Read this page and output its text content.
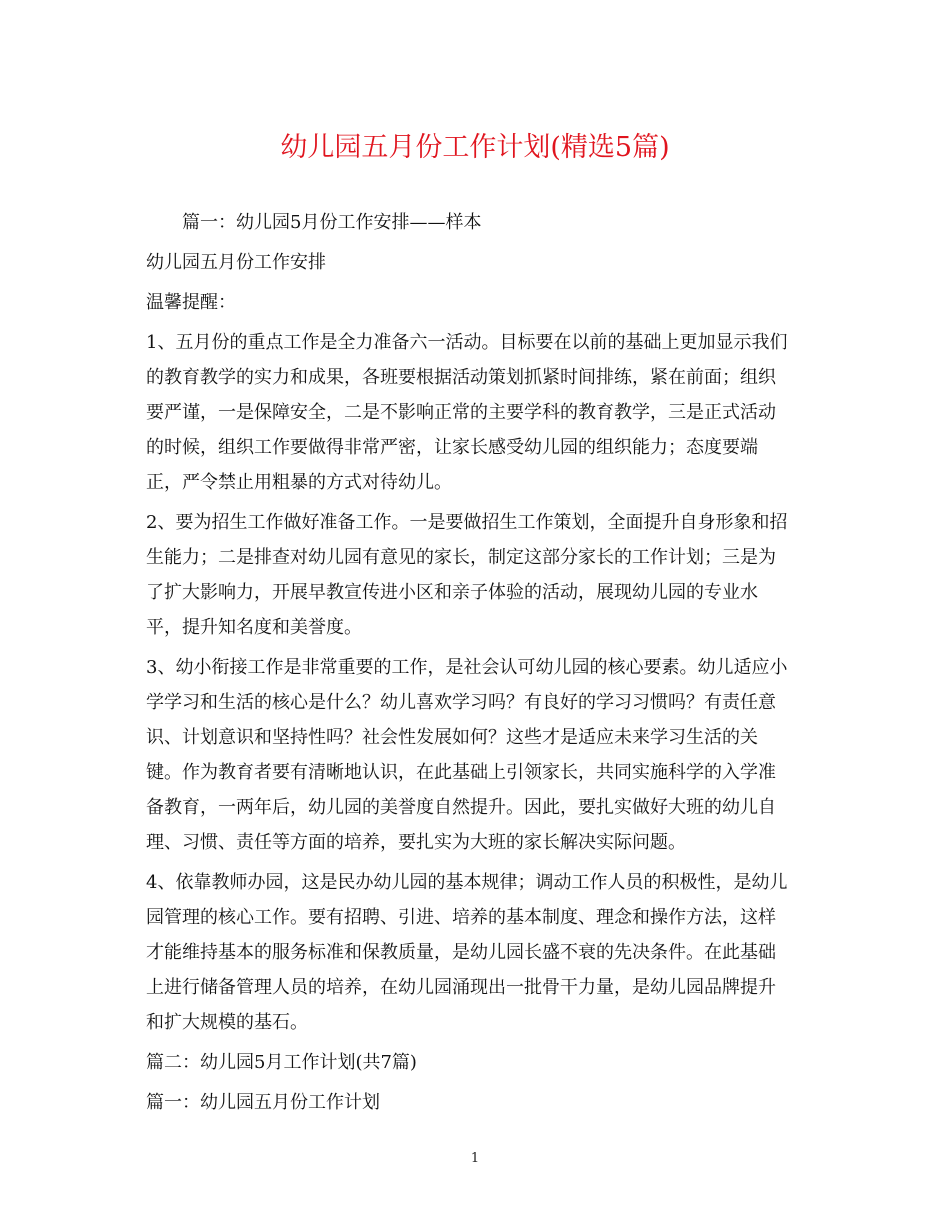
幼儿园五月份工作计划(精选5篇)
篇一：幼儿园5月份工作安排——样本
幼儿园五月份工作安排
温馨提醒：
1、五月份的重点工作是全力准备六一活动。目标要在以前的基础上更加显示我们
的教育教学的实力和成果，各班要根据活动策划抓紧时间排练，紧在前面；组织
要严谨，一是保障安全，二是不影响正常的主要学科的教育教学，三是正式活动
的时候，组织工作要做得非常严密，让家长感受幼儿园的组织能力；态度要端
正，严令禁止用粗暴的方式对待幼儿。
2、要为招生工作做好准备工作。一是要做招生工作策划，全面提升自身形象和招
生能力；二是排查对幼儿园有意见的家长，制定这部分家长的工作计划；三是为
了扩大影响力，开展早教宣传进小区和亲子体验的活动，展现幼儿园的专业水
平，提升知名度和美誉度。
3、幼小衔接工作是非常重要的工作，是社会认可幼儿园的核心要素。幼儿适应小
学学习和生活的核心是什么？幼儿喜欢学习吗？有良好的学习习惯吗？有责任意
识、计划意识和坚持性吗？社会性发展如何？这些才是适应未来学习生活的关
键。作为教育者要有清晰地认识，在此基础上引领家长，共同实施科学的入学准
备教育，一两年后，幼儿园的美誉度自然提升。因此，要扎实做好大班的幼儿自
理、习惯、责任等方面的培养，要扎实为大班的家长解决实际问题。
4、依靠教师办园，这是民办幼儿园的基本规律；调动工作人员的积极性，是幼儿
园管理的核心工作。要有招聘、引进、培养的基本制度、理念和操作方法，这样
才能维持基本的服务标准和保教质量，是幼儿园长盛不衰的先决条件。在此基础
上进行储备管理人员的培养，在幼儿园涌现出一批骨干力量，是幼儿园品牌提升
和扩大规模的基石。
篇二：幼儿园5月工作计划(共7篇)
篇一：幼儿园五月份工作计划
1
